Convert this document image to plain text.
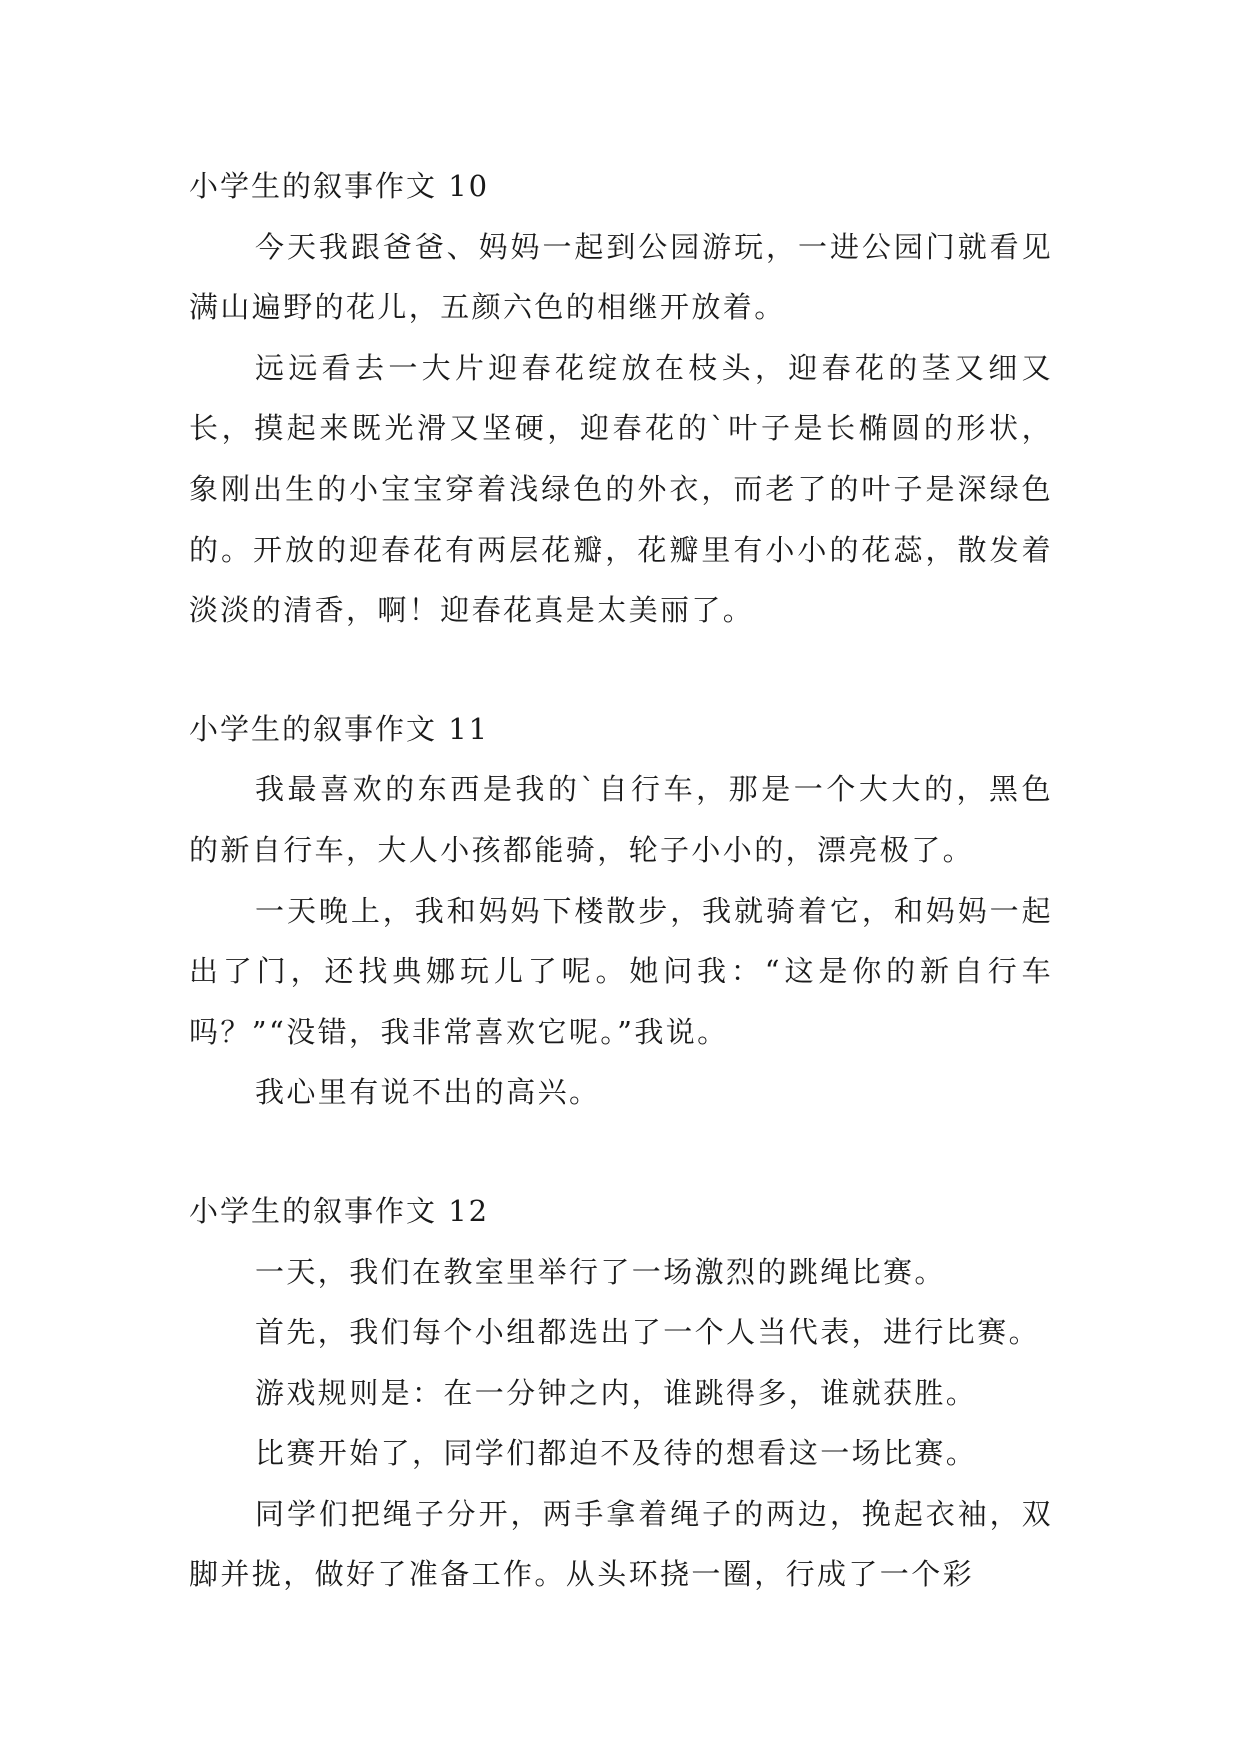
小学生的叙事作文 10

今天我跟爸爸、妈妈一起到公园游玩，一进公园门就看见满山遍野的花儿，五颜六色的相继开放着。

远远看去一大片迎春花绽放在枝头，迎春花的茎又细又长，摸起来既光滑又坚硬，迎春花的`叶子是长椭圆的形状，象刚出生的小宝宝穿着浅绿色的外衣，而老了的叶子是深绿色的。开放的迎春花有两层花瓣，花瓣里有小小的花蕊，散发着淡淡的清香，啊！迎春花真是太美丽了。

小学生的叙事作文 11

我最喜欢的东西是我的`自行车，那是一个大大的，黑色的新自行车，大人小孩都能骑，轮子小小的，漂亮极了。

一天晚上，我和妈妈下楼散步，我就骑着它，和妈妈一起出了门，还找典娜玩儿了呢。她问我：“这是你的新自行车吗？”“没错，我非常喜欢它呢。”我说。

我心里有说不出的高兴。

小学生的叙事作文 12

一天，我们在教室里举行了一场激烈的跳绳比赛。

首先，我们每个小组都选出了一个人当代表，进行比赛。

游戏规则是：在一分钟之内，谁跳得多，谁就获胜。

比赛开始了，同学们都迫不及待的想看这一场比赛。

同学们把绳子分开，两手拿着绳子的两边，挽起衣袖，双脚并拢，做好了准备工作。从头环挠一圈，行成了一个彩
